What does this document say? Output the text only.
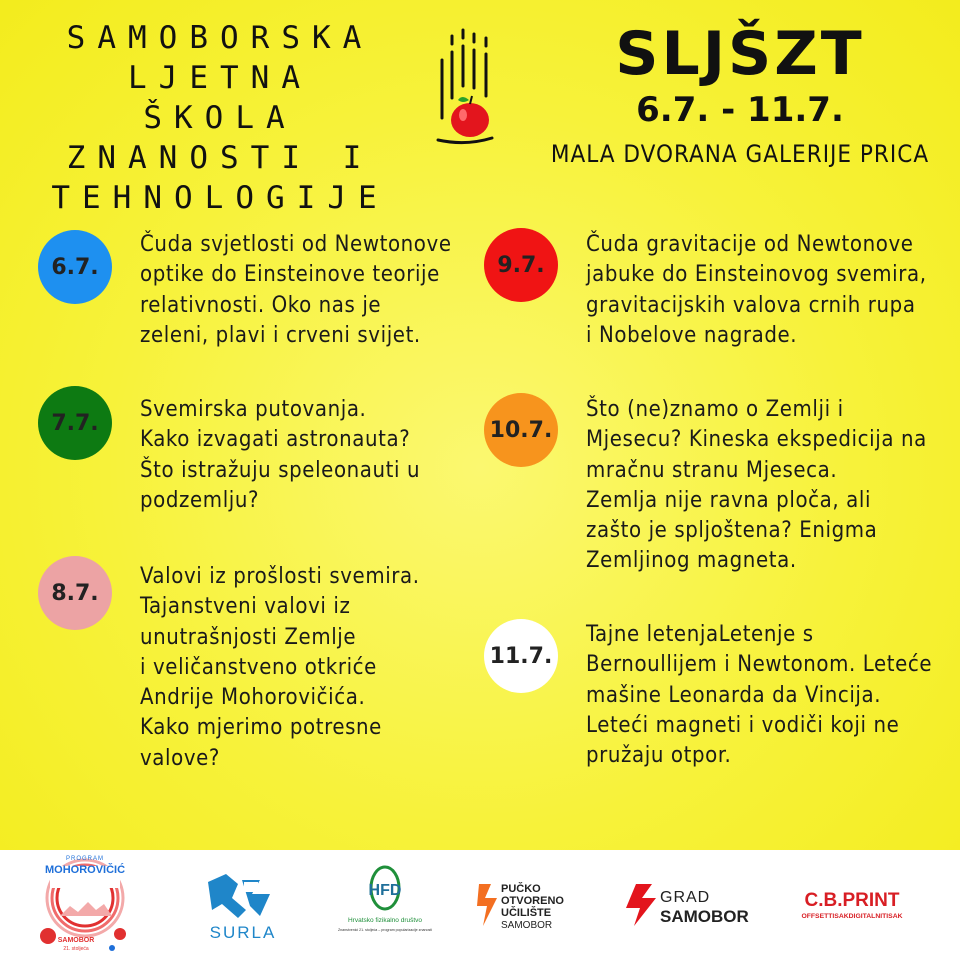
SAMOBORSKA
LJETNA ŠKOLA
ZNANOSTI I
TEHNOLOGIJE
SLJŠZT
6.7. - 11.7.
MALA DVORANA GALERIJE PRICA
6.7.
Čuda svjetlosti od Newtonove
optike do Einsteinove teorije
relativnosti. Oko nas je
zeleni, plavi i crveni svijet.
7.7.
Svemirska putovanja.
Kako izvagati astronauta?
Što istražuju speleonauti u
podzemlju?
8.7.
Valovi iz prošlosti svemira.
Tajanstveni valovi iz
unutrašnjosti Zemlje
i veličanstveno otkriće
Andrije Mohorovičića.
Kako mjerimo potresne
valove?
9.7.
Čuda gravitacije od Newtonove
jabuke do Einsteinovog svemira,
gravitacijskih valova crnih rupa
i Nobelove nagrade.
10.7.
Što (ne)znamo o Zemlji i
Mjesecu? Kineska ekspedicija na
mračnu stranu Mjeseca.
Zemlja nije ravna ploča, ali
zašto je spljoštena? Enigma
Zemljinog magneta.
11.7.
Tajne letenjaLetenje s
Bernoullijem i Newtonom. Leteće
mašine Leonarda da Vincija.
Leteći magneti i vodiči koji ne
pružaju otpor.
PROGRAM
MOHOROVIČIĆ
SAMOBOR
21. stoljeća
SURLA
HFD
Hrvatsko fizikalno društvo
Znanstvenici 21. stoljeća – program popularizacije znanosti
PUČKO
OTVORENO
UČILIŠTE
SAMOBOR
GRAD
SAMOBOR
C.B.PRINT
OFFSETTISAKDIGITALNITISAK
